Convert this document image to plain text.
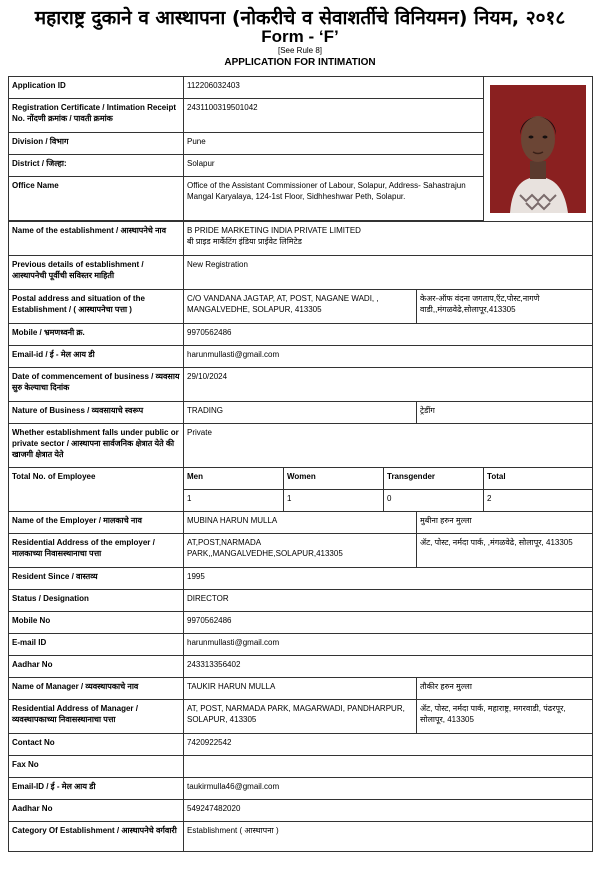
महाराष्ट्र दुकाने व आस्थापना (नोकरीचे व सेवाशर्तीचे विनियमन) नियम, २०१८
Form - ‘F’
[See Rule 8]
APPLICATION FOR INTIMATION
Application ID	112206032403	

Registration Certificate / Intimation Receipt No. नोंदणी क्रमांक / पावती क्रमांक	2431100319501042				
Division / विभाग	Pune				
District / जिल्हा:	Solapur				
Office Name	Office of the Assistant Commissioner of Labour, Solapur, Address- Sahastrajun Mangal Karyalaya, 124-1st Floor, Sidhheshwar Peth, Solapur.				

Name of the establishment / आस्थापनेचे नाव	B PRIDE MARKETING INDIA PRIVATE LIMITED
बी प्राइड मार्केटिंग इंडिया प्राईवेट लिमिटेड				

Previous details of establishment / आस्थापनेची पूर्वीची सविस्तर माहिती	New Registration				
Postal address and situation of the Establishment / ( आस्थापनेचा पत्ता )	C/O VANDANA JAGTAP, AT, POST, NAGANE WADI, , MANGALVEDHE, SOLAPUR, 413305			केअर-ऑफ वंदना जगताप,ऍट,पोस्ट,नागणे वाडी,,मंगळवेढे,सोलापूर,413305	
Mobile / भ्रमणध्वनी क्र.	9970562486				
Email-id / ई - मेल आय डी	harunmullasti@gmail.com				
Date of commencement of business / व्यवसाय सुरु केल्याचा दिनांक	29/10/2024				
Nature of Business / व्यवसायाचे स्वरूप	TRADING			ट्रेडींग	
Whether establishment falls under public or private sector / आस्थापना सार्वजनिक क्षेत्रात येते की खाजगी क्षेत्रात येते	Private				
Total No. of Employee	Men	Women	Transgender		Total
	1	1	0		2
Name of the Employer / मालकाचे नाव	MUBINA HARUN MULLA			मुबीना हरुन मुल्ला	
Residential Address of the employer / मालकाच्या निवासस्थानाचा पत्ता	AT,POST,NARMADA PARK,,MANGALVEDHE,SOLAPUR,413305			ॲट, पोस्ट, नर्मदा पार्क, ,मंगळवेढे, सोलापूर, 413305	
Resident Since / वास्तव्य	1995				
Status / Designation	DIRECTOR				
Mobile No	9970562486				
E-mail ID	harunmullasti@gmail.com				
Aadhar No	243313356402				
Name of Manager / व्यवस्थापकाचे नाव	TAUKIR HARUN MULLA			तौकीर हरुन मुल्ला	
Residential Address of Manager / व्यवस्थापकाच्या निवासस्थानाचा पत्ता	AT, POST, NARMADA PARK, MAGARWADI, PANDHARPUR, SOLAPUR, 413305			ॲट, पोस्ट, नर्मदा पार्क, महाराष्ट्र, मगरवाडी, पंढरपूर, सोलापूर, 413305	
Contact No	7420922542				
Fax No					
Email-ID / ई - मेल आय डी	taukirmulla46@gmail.com				
Aadhar No	549247482020				
Category Of Establishment / आस्थापनेचे वर्गवारी	Establishment ( आस्थापना )				
